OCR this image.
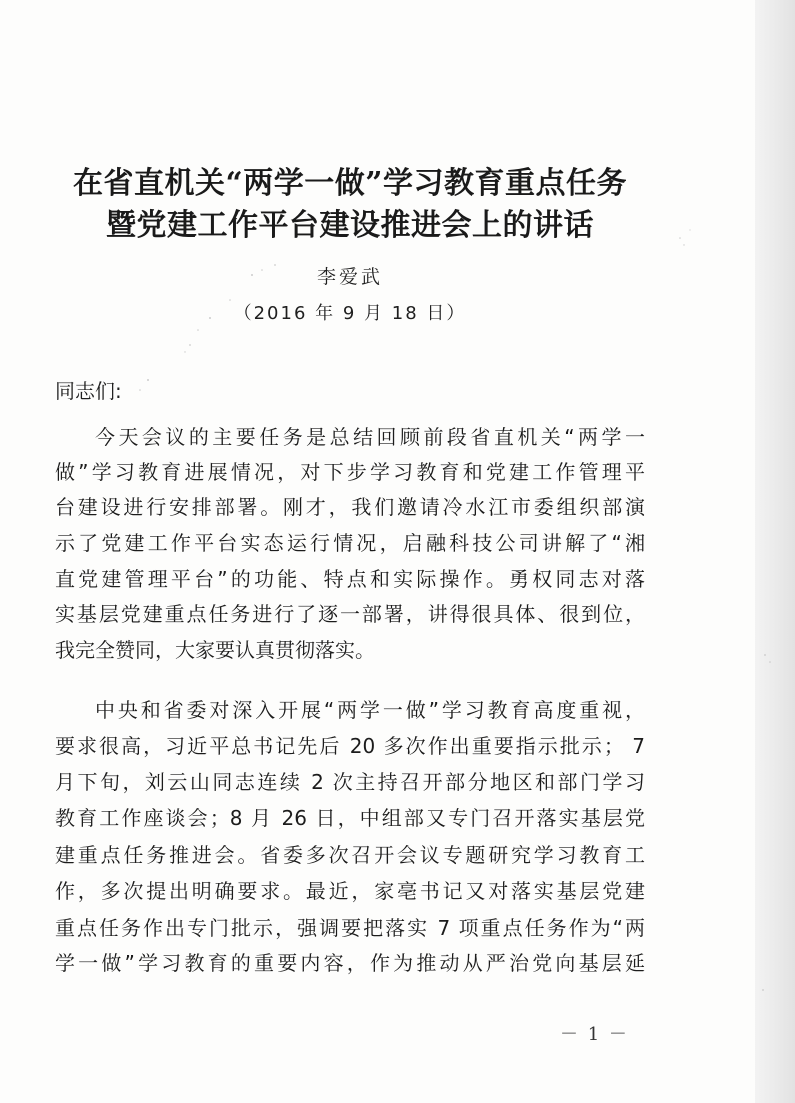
在省直机关“两学一做”学习教育重点任务
暨党建工作平台建设推进会上的讲话
李爱武
（2016 年 9 月 18 日）
同志们:
今天会议的主要任务是总结回顾前段省直机关“两学一
做”学习教育进展情况，对下步学习教育和党建工作管理平
台建设进行安排部署。刚才，我们邀请冷水江市委组织部演
示了党建工作平台实态运行情况，启融科技公司讲解了“湘
直党建管理平台”的功能、特点和实际操作。勇权同志对落
实基层党建重点任务进行了逐一部署，讲得很具体、很到位，
我完全赞同，大家要认真贯彻落实。
中央和省委对深入开展“两学一做”学习教育高度重视，
要求很高，习近平总书记先后 20 多次作出重要指示批示； 7
月下旬，刘云山同志连续 2 次主持召开部分地区和部门学习
教育工作座谈会；8 月 26 日，中组部又专门召开落实基层党
建重点任务推进会。省委多次召开会议专题研究学习教育工
作，多次提出明确要求。最近，家亳书记又对落实基层党建
重点任务作出专门批示，强调要把落实 7 项重点任务作为“两
学一做”学习教育的重要内容，作为推动从严治党向基层延
－ 1 －
